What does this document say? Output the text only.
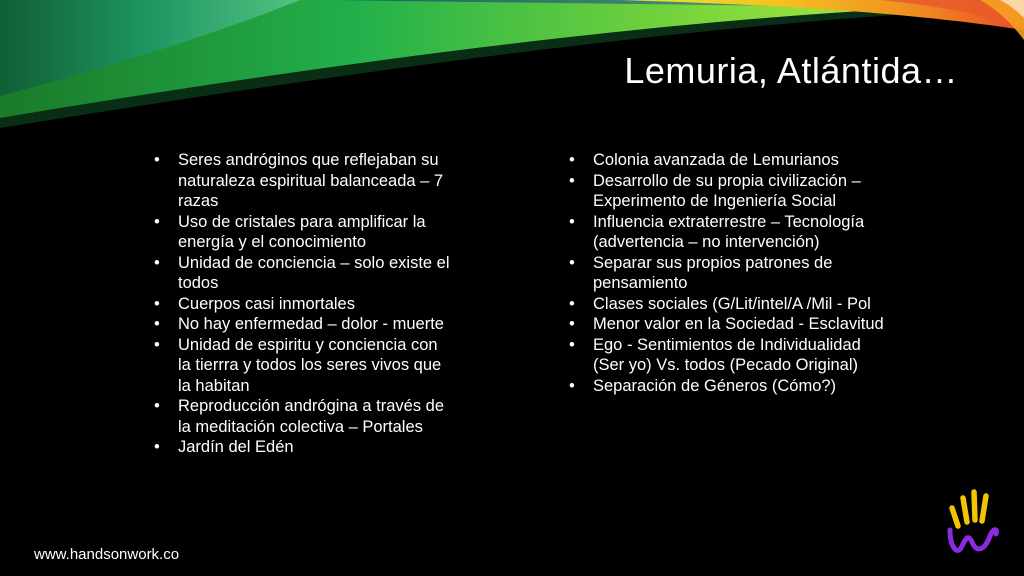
Lemuria, Atlántida…
• Seres andróginos que reflejaban su naturaleza espiritual balanceada – 7 razas
• Uso de cristales para amplificar la energía y el conocimiento
• Unidad de conciencia – solo existe el todos
• Cuerpos casi inmortales
• No hay enfermedad – dolor - muerte
• Unidad de espiritu y conciencia con la tierrra y todos los seres vivos que la habitan
• Reproducción andrógina a través de la meditación colectiva – Portales
• Jardín del Edén
• Colonia avanzada de Lemurianos
• Desarrollo de su propia civilización – Experimento de Ingeniería Social
• Influencia extraterrestre – Tecnología (advertencia – no intervención)
• Separar sus propios patrones de pensamiento
• Clases sociales (G/Lit/intel/A /Mil - Pol
• Menor valor en la Sociedad - Esclavitud
• Ego - Sentimientos de Individualidad (Ser yo) Vs. todos (Pecado Original)
• Separación de Géneros (Cómo?)

www.handsonwork.co
